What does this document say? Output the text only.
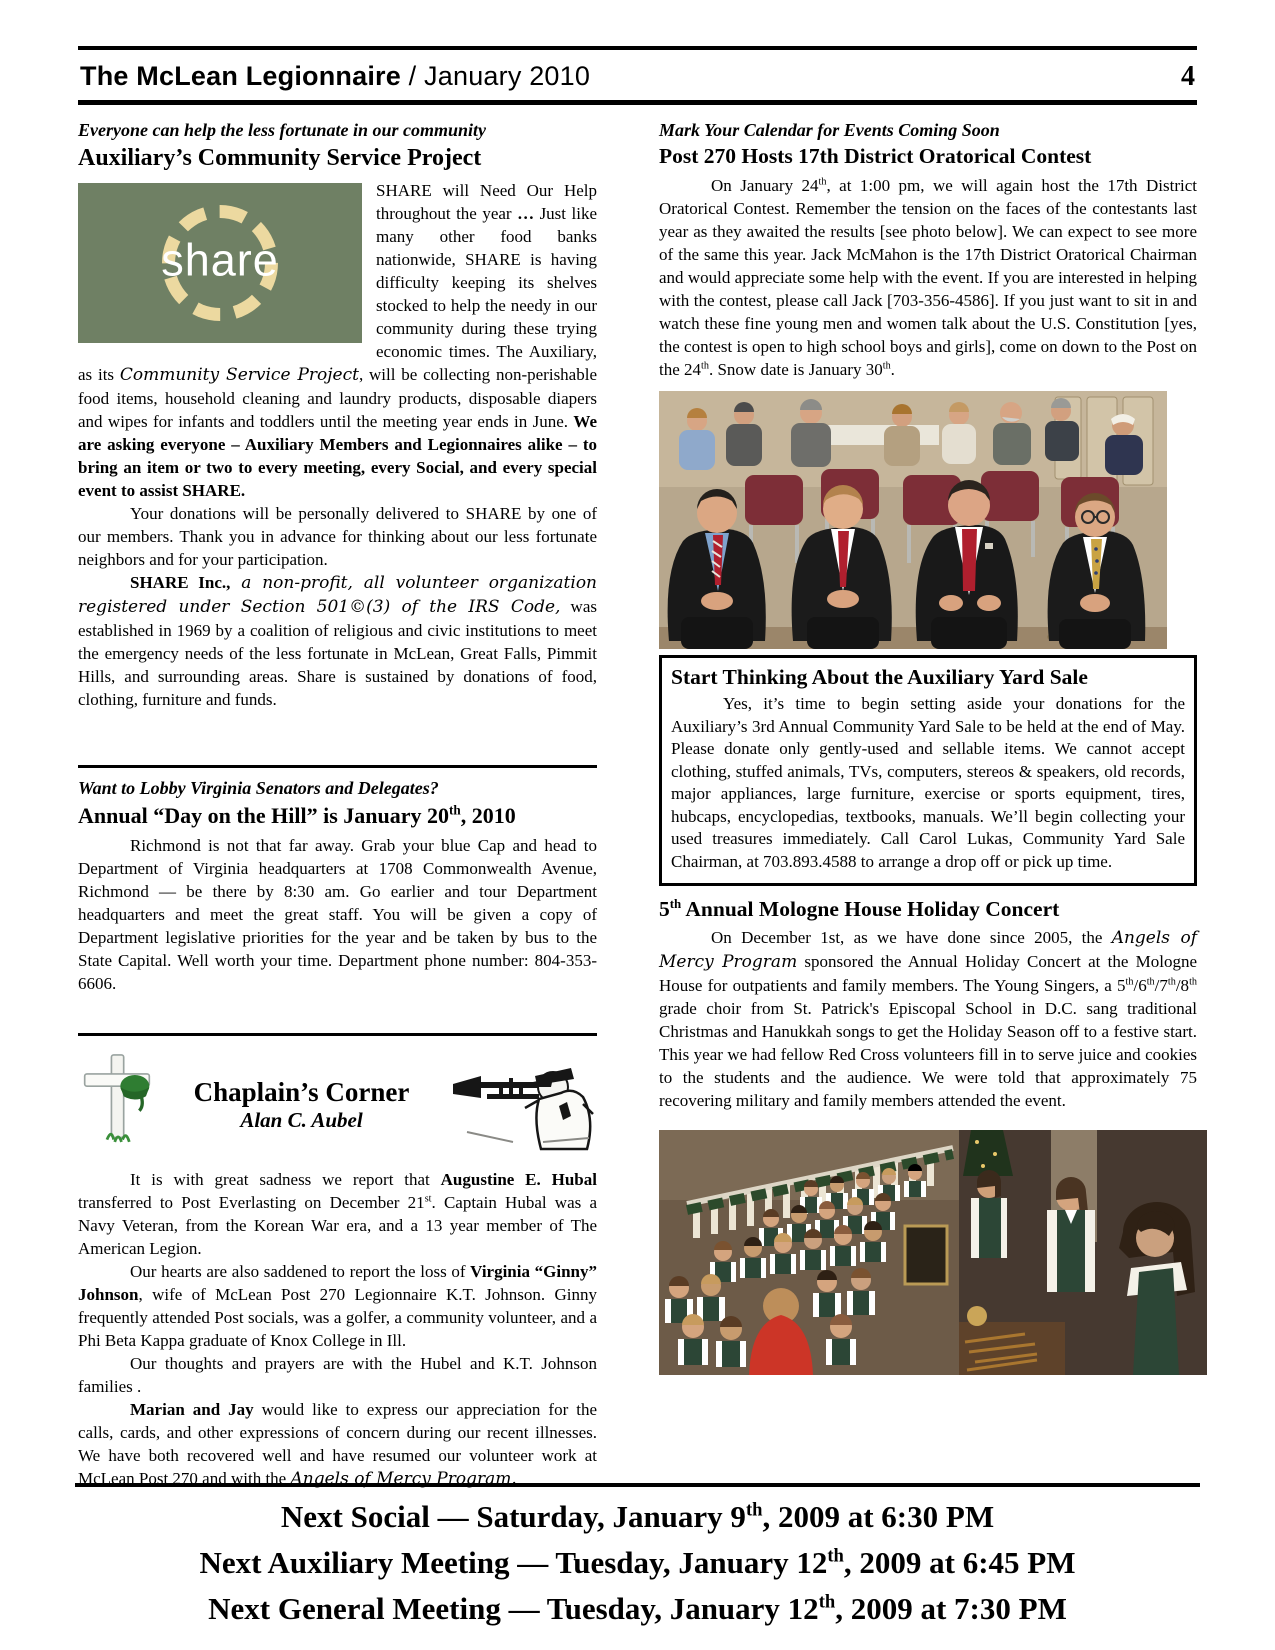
The McLean Legionnaire / January 2010	4
Everyone can help the less fortunate in our community
Auxiliary’s Community Service Project
share

SHARE will Need Our Help throughout the year … Just like many other food banks nationwide, SHARE is having difficulty keeping its shelves stocked to help the needy in our community during these trying economic times. The Auxiliary, as its Community Service Project, will be collecting non-perishable food items, household cleaning and laundry products, disposable diapers and wipes for infants and toddlers until the meeting year ends in June. We are asking everyone – Auxiliary Members and Legionnaires alike – to bring an item or two to every meeting, every Social, and every special event to assist SHARE.

Your donations will be personally delivered to SHARE by one of our members. Thank you in advance for thinking about our less fortunate neighbors and for your participation.

SHARE Inc., a non-profit, all volunteer organization registered under Section 501©(3) of the IRS Code, was established in 1969 by a coalition of religious and civic institutions to meet the emergency needs of the less fortunate in McLean, Great Falls, Pimmit Hills, and surrounding areas. Share is sustained by donations of food, clothing, furniture and funds.

Want to Lobby Virginia Senators and Delegates?
Annual “Day on the Hill” is January 20th, 2010

Richmond is not that far away. Grab your blue Cap and head to Department of Virginia headquarters at 1708 Commonwealth Avenue, Richmond — be there by 8:30 am. Go earlier and tour Department headquarters and meet the great staff. You will be given a copy of Department legislative priorities for the year and be taken by bus to the State Capital. Well worth your time. Department phone number: 804-353-6606.

Chaplain’s Corner
Alan C. Aubel

It is with great sadness we report that Augustine E. Hubal transferred to Post Everlasting on December 21st. Captain Hubal was a Navy Veteran, from the Korean War era, and a 13 year member of The American Legion.

Our hearts are also saddened to report the loss of Virginia “Ginny” Johnson, wife of McLean Post 270 Legionnaire K.T. Johnson. Ginny frequently attended Post socials, was a golfer, a community volunteer, and a Phi Beta Kappa graduate of Knox College in Ill.

Our thoughts and prayers are with the Hubel and K.T. Johnson families .

Marian and Jay would like to express our appreciation for the calls, cards, and other expressions of concern during our recent illnesses. We have both recovered well and have resumed our volunteer work at McLean Post 270 and with the Angels of Mercy Program.

Mark Your Calendar for Events Coming Soon
Post 270 Hosts 17th District Oratorical Contest

On January 24th, at 1:00 pm, we will again host the 17th District Oratorical Contest. Remember the tension on the faces of the contestants last year as they awaited the results [see photo below]. We can expect to see more of the same this year. Jack McMahon is the 17th District Oratorical Chairman and would appreciate some help with the event. If you are interested in helping with the contest, please call Jack [703-356-4586]. If you just want to sit in and watch these fine young men and women talk about the U.S. Constitution [yes, the contest is open to high school boys and girls], come on down to the Post on the 24th. Snow date is January 30th.

Start Thinking About the Auxiliary Yard Sale

Yes, it’s time to begin setting aside your donations for the Auxiliary’s 3rd Annual Community Yard Sale to be held at the end of May. Please donate only gently-used and sellable items. We cannot accept clothing, stuffed animals, TVs, computers, stereos & speakers, old records, major appliances, large furniture, exercise or sports equipment, tires, hubcaps, encyclopedias, textbooks, manuals. We’ll begin collecting your used treasures immediately. Call Carol Lukas, Community Yard Sale Chairman, at 703.893.4588 to arrange a drop off or pick up time.

5th Annual Mologne House Holiday Concert

On December 1st, as we have done since 2005, the Angels of Mercy Program sponsored the Annual Holiday Concert at the Mologne House for outpatients and family members. The Young Singers, a 5th/6th/7th/8th grade choir from St. Patrick's Episcopal School in D.C. sang traditional Christmas and Hanukkah songs to get the Holiday Season off to a festive start. This year we had fellow Red Cross volunteers fill in to serve juice and cookies to the students and the audience. We were told that approximately 75 recovering military and family members attended the event.

Next Social — Saturday, January 9th, 2009 at 6:30 PM
Next Auxiliary Meeting — Tuesday, January 12th, 2009 at 6:45 PM
Next General Meeting — Tuesday, January 12th, 2009 at 7:30 PM
